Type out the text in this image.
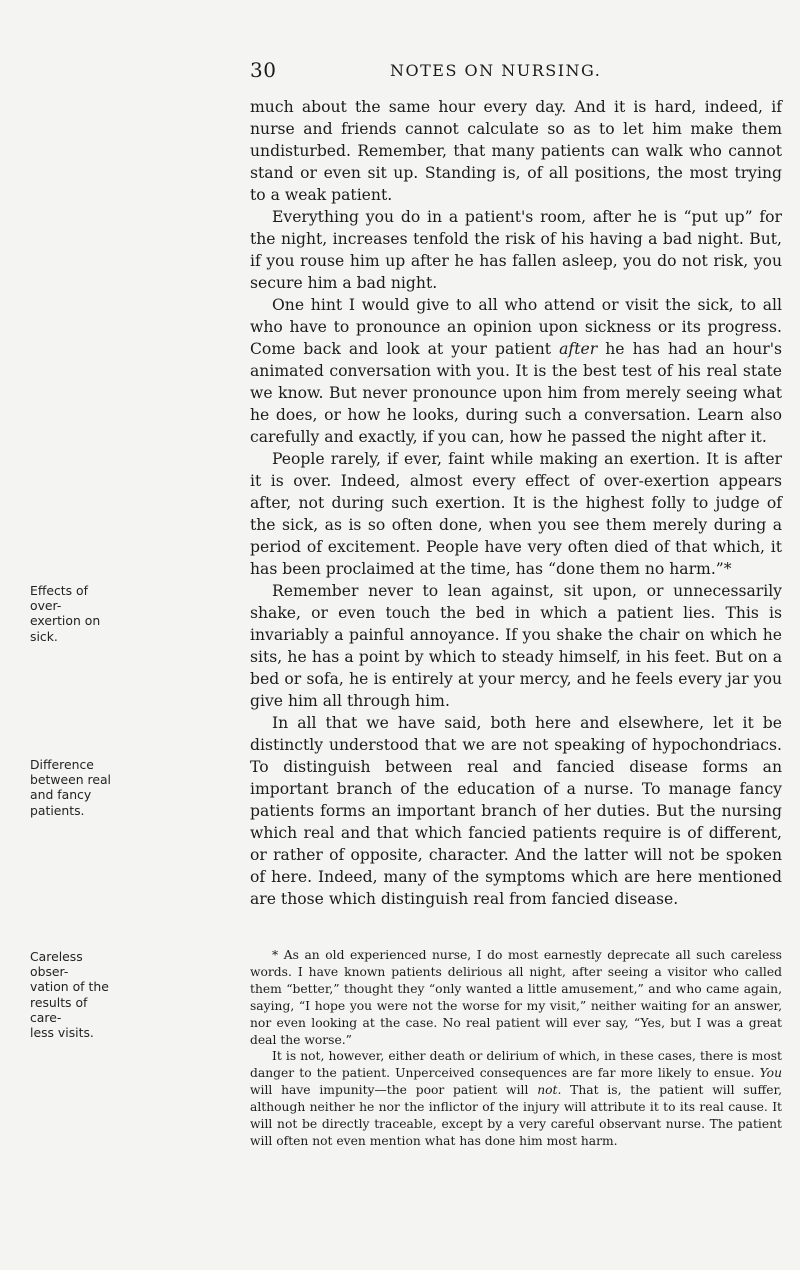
30	NOTES ON NURSING.
Effects of over-
exertion on
sick.
Difference
between real
and fancy
patients.
Careless obser-
vation of the
results of care-
less visits.

much about the same hour every day. And it is hard, indeed, if nurse and friends cannot calculate so as to let him make them undisturbed. Remember, that many patients can walk who cannot stand or even sit up. Standing is, of all positions, the most trying to a weak patient.

Everything you do in a patient's room, after he is “put up” for the night, increases tenfold the risk of his having a bad night. But, if you rouse him up after he has fallen asleep, you do not risk, you secure him a bad night.

One hint I would give to all who attend or visit the sick, to all who have to pronounce an opinion upon sickness or its progress. Come back and look at your patient after he has had an hour's animated conversation with you. It is the best test of his real state we know. But never pronounce upon him from merely seeing what he does, or how he looks, during such a conversation. Learn also carefully and exactly, if you can, how he passed the night after it.

People rarely, if ever, faint while making an exertion. It is after it is over. Indeed, almost every effect of over-exertion appears after, not during such exertion. It is the highest folly to judge of the sick, as is so often done, when you see them merely during a period of excitement. People have very often died of that which, it has been proclaimed at the time, has “done them no harm.”*

Remember never to lean against, sit upon, or unnecessarily shake, or even touch the bed in which a patient lies. This is invariably a painful annoyance. If you shake the chair on which he sits, he has a point by which to steady himself, in his feet. But on a bed or sofa, he is entirely at your mercy, and he feels every jar you give him all through him.

In all that we have said, both here and elsewhere, let it be distinctly understood that we are not speaking of hypochondriacs. To distinguish between real and fancied disease forms an important branch of the education of a nurse. To manage fancy patients forms an important branch of her duties. But the nursing which real and that which fancied patients require is of different, or rather of opposite, character. And the latter will not be spoken of here. Indeed, many of the symptoms which are here mentioned are those which distinguish real from fancied disease.

* As an old experienced nurse, I do most earnestly deprecate all such careless words. I have known patients delirious all night, after seeing a visitor who called them “better,” thought they “only wanted a little amusement,” and who came again, saying, “I hope you were not the worse for my visit,” neither waiting for an answer, nor even looking at the case. No real patient will ever say, “Yes, but I was a great deal the worse.”

It is not, however, either death or delirium of which, in these cases, there is most danger to the patient. Unperceived consequences are far more likely to ensue. You will have impunity—the poor patient will not. That is, the patient will suffer, although neither he nor the inflictor of the injury will attribute it to its real cause. It will not be directly traceable, except by a very careful observant nurse. The patient will often not even mention what has done him most harm.
